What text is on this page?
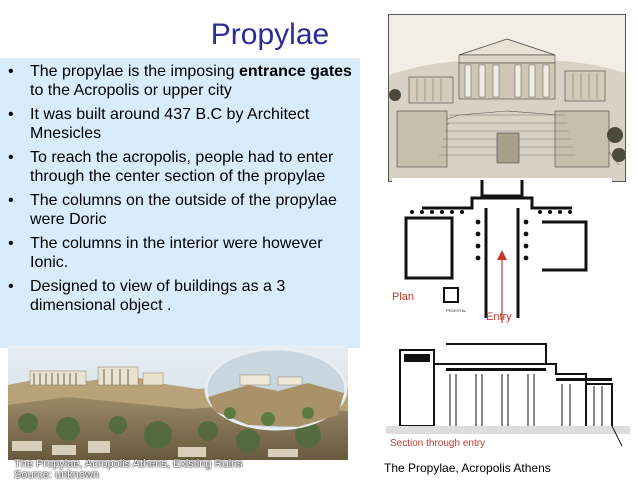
Propylae
• The propylae is the imposing entrance gates to the Acropolis or upper city
• It was built around 437 B.C by Architect Mnesicles
• To reach the acropolis, people had to enter through the center section of the propylae
• The columns on the outside of the propylae were Doric
• The columns in the interior were however Ionic.
• Designed to view of buildings as a 3 dimensional object .
The Propylae, Acropolis Athens, Existing Ruins
Source: unknown
PEDESTAL
Plan
Entry
Section through entry
The Propylae, Acropolis Athens
